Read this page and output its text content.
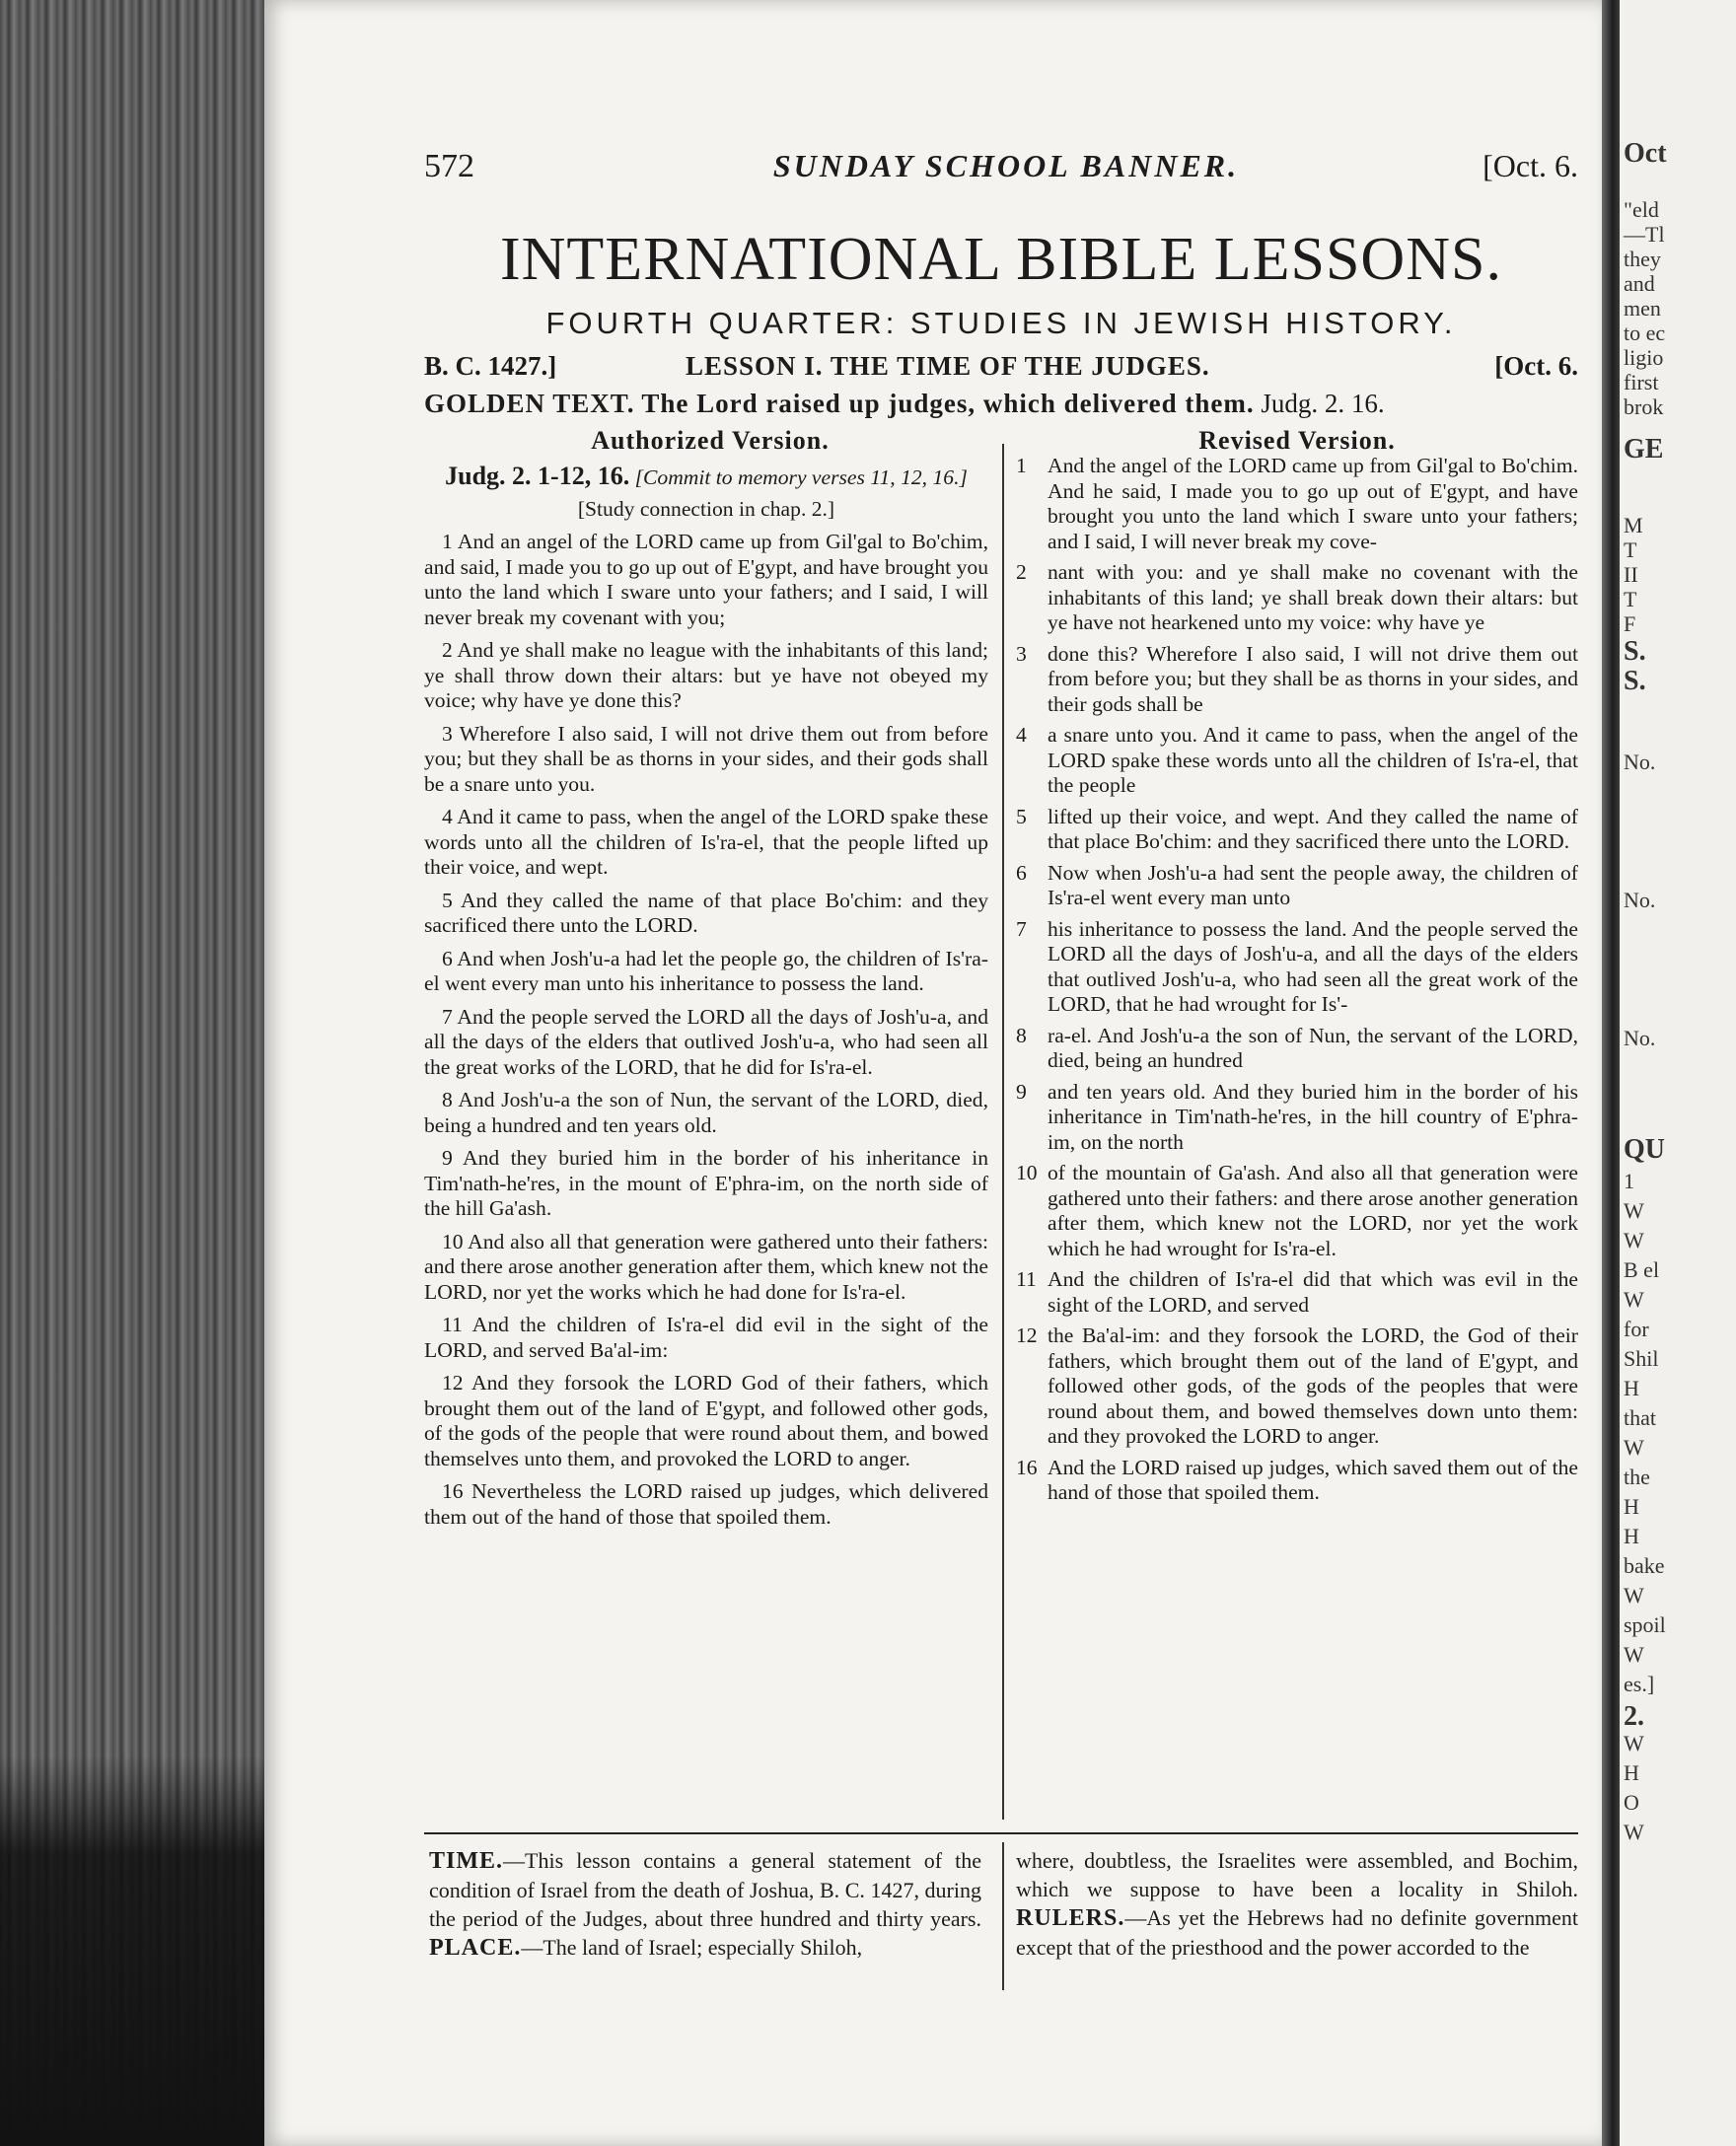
Oct
"eld
—Tl
they
and
men
to ec
ligio
first
brok
GE
M
T
II
T
F
S.
S.
No.
No.
No.
QU
1
W
W
B el
W
for
Shil
H
that
W
the
H
H
bake
W
spoil
W
es.]
2.
W
H
O
W
572	SUNDAY SCHOOL BANNER.	[Oct. 6.
INTERNATIONAL BIBLE LESSONS.
FOURTH QUARTER: STUDIES IN JEWISH HISTORY.
B. C. 1427.]	LESSON I. THE TIME OF THE JUDGES.	[Oct. 6.
GOLDEN TEXT. The Lord raised up judges, which delivered them. Judg. 2. 16.
Authorized Version.	Revised Version.
Judg. 2. 1-12, 16. [Commit to memory verses 11, 12, 16.]
[Study connection in chap. 2.]

1 And an angel of the LORD came up from Gil'gal to Bo'chim, and said, I made you to go up out of E'gypt, and have brought you unto the land which I sware unto your fathers; and I said, I will never break my covenant with you;

2 And ye shall make no league with the inhabitants of this land; ye shall throw down their altars: but ye have not obeyed my voice; why have ye done this?

3 Wherefore I also said, I will not drive them out from before you; but they shall be as thorns in your sides, and their gods shall be a snare unto you.

4 And it came to pass, when the angel of the LORD spake these words unto all the children of Is'ra-el, that the people lifted up their voice, and wept.

5 And they called the name of that place Bo'chim: and they sacrificed there unto the LORD.

6 And when Josh'u-a had let the people go, the children of Is'ra-el went every man unto his inheritance to possess the land.

7 And the people served the LORD all the days of Josh'u-a, and all the days of the elders that outlived Josh'u-a, who had seen all the great works of the LORD, that he did for Is'ra-el.

8 And Josh'u-a the son of Nun, the servant of the LORD, died, being a hundred and ten years old.

9 And they buried him in the border of his inheritance in Tim'nath-he'res, in the mount of E'phra-im, on the north side of the hill Ga'ash.

10 And also all that generation were gathered unto their fathers: and there arose another generation after them, which knew not the LORD, nor yet the works which he had done for Is'ra-el.

11 And the children of Is'ra-el did evil in the sight of the LORD, and served Ba'al-im:

12 And they forsook the LORD God of their fathers, which brought them out of the land of E'gypt, and followed other gods, of the gods of the people that were round about them, and bowed themselves unto them, and provoked the LORD to anger.

16 Nevertheless the LORD raised up judges, which delivered them out of the hand of those that spoiled them.

1 And the angel of the LORD came up from Gil'gal to Bo'chim. And he said, I made you to go up out of E'gypt, and have brought you unto the land which I sware unto your fathers; and I said, I will never break my cove-
2 nant with you: and ye shall make no covenant with the inhabitants of this land; ye shall break down their altars: but ye have not hearkened unto my voice: why have ye
3 done this? Wherefore I also said, I will not drive them out from before you; but they shall be as thorns in your sides, and their gods shall be
4 a snare unto you. And it came to pass, when the angel of the LORD spake these words unto all the children of Is'ra-el, that the people
5 lifted up their voice, and wept. And they called the name of that place Bo'chim: and they sacrificed there unto the LORD.
6 Now when Josh'u-a had sent the people away, the children of Is'ra-el went every man unto
7 his inheritance to possess the land. And the people served the LORD all the days of Josh'u-a, and all the days of the elders that outlived Josh'u-a, who had seen all the great work of the LORD, that he had wrought for Is'-
8 ra-el. And Josh'u-a the son of Nun, the servant of the LORD, died, being an hundred
9 and ten years old. And they buried him in the border of his inheritance in Tim'nath-he'res, in the hill country of E'phra-im, on the north
10 of the mountain of Ga'ash. And also all that generation were gathered unto their fathers: and there arose another generation after them, which knew not the LORD, nor yet the work which he had wrought for Is'ra-el.
11 And the children of Is'ra-el did that which was evil in the sight of the LORD, and served
12 the Ba'al-im: and they forsook the LORD, the God of their fathers, which brought them out of the land of E'gypt, and followed other gods, of the gods of the peoples that were round about them, and bowed themselves down unto them: and they provoked the LORD to anger.
16 And the LORD raised up judges, which saved them out of the hand of those that spoiled them.
TIME.—This lesson contains a general statement of the condition of Israel from the death of Joshua, B. C. 1427, during the period of the Judges, about three hundred and thirty years. PLACE.—The land of Israel; especially Shiloh,
where, doubtless, the Israelites were assembled, and Bochim, which we suppose to have been a locality in Shiloh. RULERS.—As yet the Hebrews had no definite government except that of the priesthood and the power accorded to the
